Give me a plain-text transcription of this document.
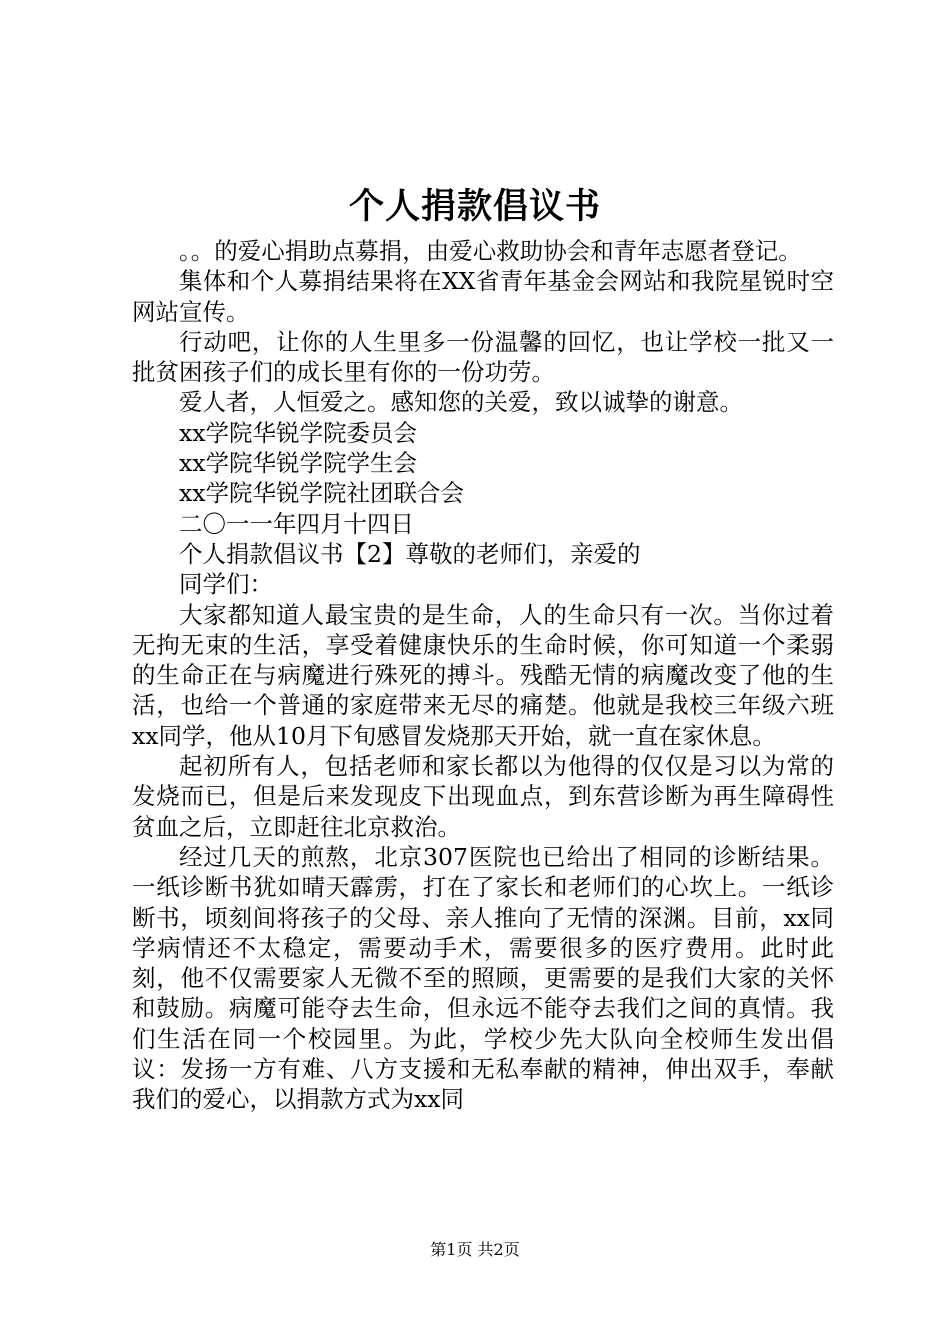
个人捐款倡议书

。。的爱心捐助点募捐，由爱心救助协会和青年志愿者登记。

集体和个人募捐结果将在XX省青年基金会网站和我院星锐时空网站宣传。

行动吧，让你的人生里多一份温馨的回忆，也让学校一批又一批贫困孩子们的成长里有你的一份功劳。

爱人者，人恒爱之。感知您的关爱，致以诚挚的谢意。

xx学院华锐学院委员会

xx学院华锐学院学生会

xx学院华锐学院社团联合会

二〇一一年四月十四日

个人捐款倡议书【2】尊敬的老师们，亲爱的

同学们：

大家都知道人最宝贵的是生命，人的生命只有一次。当你过着无拘无束的生活，享受着健康快乐的生命时候，你可知道一个柔弱的生命正在与病魔进行殊死的搏斗。残酷无情的病魔改变了他的生活，也给一个普通的家庭带来无尽的痛楚。他就是我校三年级六班xx同学，他从10月下旬感冒发烧那天开始，就一直在家休息。

起初所有人，包括老师和家长都以为他得的仅仅是习以为常的发烧而已，但是后来发现皮下出现血点，到东营诊断为再生障碍性贫血之后，立即赶往北京救治。

经过几天的煎熬，北京307医院也已给出了相同的诊断结果。一纸诊断书犹如晴天霹雳，打在了家长和老师们的心坎上。一纸诊断书，顷刻间将孩子的父母、亲人推向了无情的深渊。目前，xx同学病情还不太稳定，需要动手术，需要很多的医疗费用。此时此刻，他不仅需要家人无微不至的照顾，更需要的是我们大家的关怀和鼓励。病魔可能夺去生命，但永远不能夺去我们之间的真情。我们生活在同一个校园里。为此，学校少先大队向全校师生发出倡议：发扬一方有难、八方支援和无私奉献的精神，伸出双手，奉献我们的爱心，以捐款方式为xx同

第1页 共2页
